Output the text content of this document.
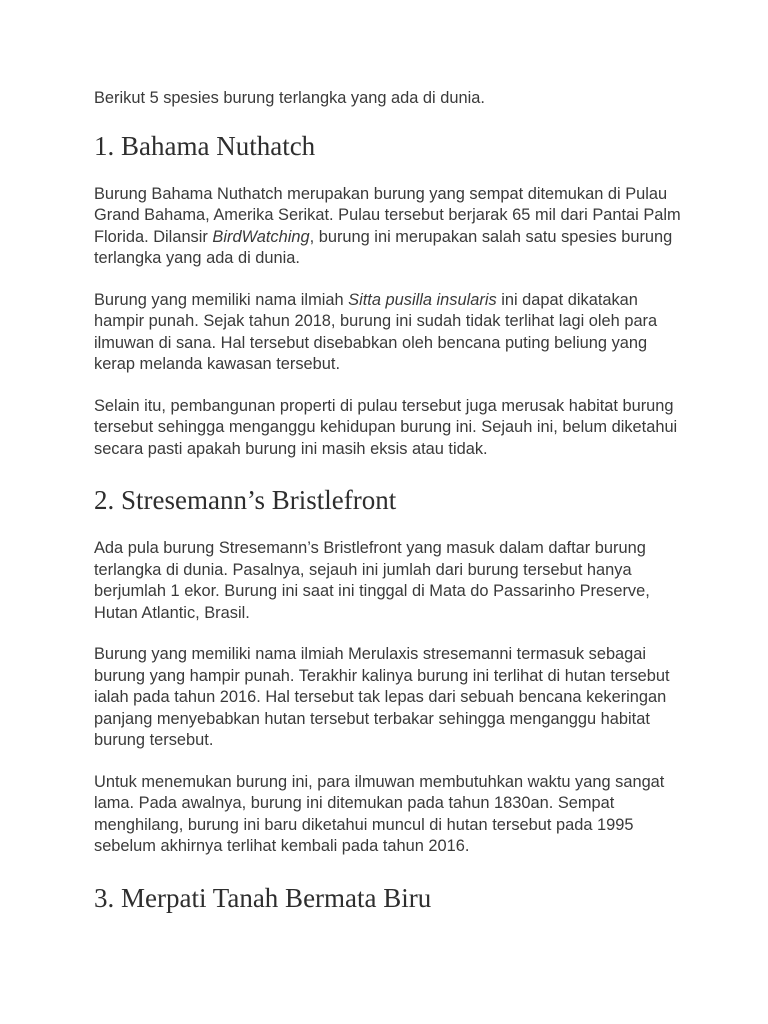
Berikut 5 spesies burung terlangka yang ada di dunia.

1. Bahama Nuthatch

Burung Bahama Nuthatch merupakan burung yang sempat ditemukan di Pulau Grand Bahama, Amerika Serikat. Pulau tersebut berjarak 65 mil dari Pantai Palm Florida. Dilansir BirdWatching, burung ini merupakan salah satu spesies burung terlangka yang ada di dunia.

Burung yang memiliki nama ilmiah Sitta pusilla insularis ini dapat dikatakan hampir punah. Sejak tahun 2018, burung ini sudah tidak terlihat lagi oleh para ilmuwan di sana. Hal tersebut disebabkan oleh bencana puting beliung yang kerap melanda kawasan tersebut.

Selain itu, pembangunan properti di pulau tersebut juga merusak habitat burung tersebut sehingga menganggu kehidupan burung ini. Sejauh ini, belum diketahui secara pasti apakah burung ini masih eksis atau tidak.

2. Stresemann’s Bristlefront

Ada pula burung Stresemann’s Bristlefront yang masuk dalam daftar burung terlangka di dunia. Pasalnya, sejauh ini jumlah dari burung tersebut hanya berjumlah 1 ekor. Burung ini saat ini tinggal di Mata do Passarinho Preserve, Hutan Atlantic, Brasil.

Burung yang memiliki nama ilmiah Merulaxis stresemanni termasuk sebagai burung yang hampir punah. Terakhir kalinya burung ini terlihat di hutan tersebut ialah pada tahun 2016. Hal tersebut tak lepas dari sebuah bencana kekeringan panjang menyebabkan hutan tersebut terbakar sehingga menganggu habitat burung tersebut.

Untuk menemukan burung ini, para ilmuwan membutuhkan waktu yang sangat lama. Pada awalnya, burung ini ditemukan pada tahun 1830an. Sempat menghilang, burung ini baru diketahui muncul di hutan tersebut pada 1995 sebelum akhirnya terlihat kembali pada tahun 2016.

3. Merpati Tanah Bermata Biru
